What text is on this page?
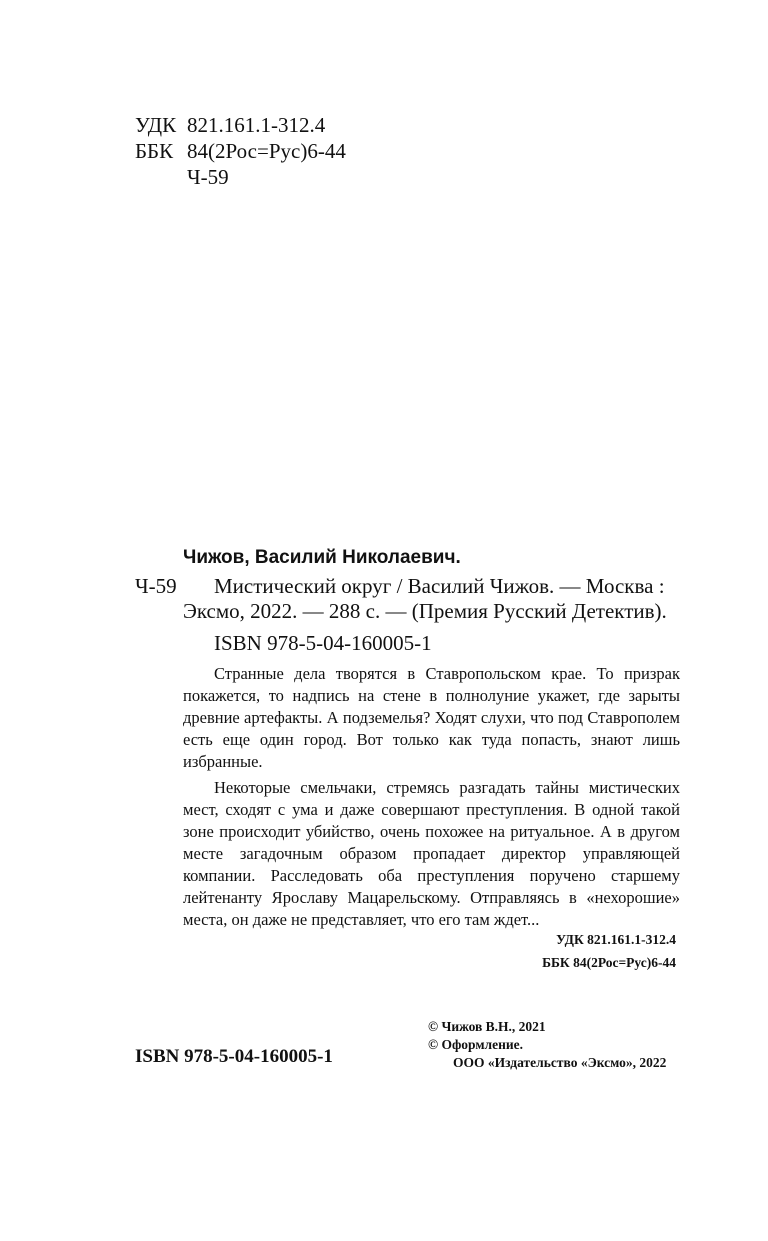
УДК 821.161.1-312.4
ББК 84(2Рос=Рус)6-44
Ч-59
Чижов, Василий Николаевич.
Ч-59 Мистический округ / Василий Чижов. — Москва :
Эксмо, 2022. — 288 с. — (Премия Русский Детектив).
ISBN 978-5-04-160005-1

Странные дела творятся в Ставропольском крае. То призрак покажется, то надпись на стене в полнолуние укажет, где зарыты древние артефакты. А подземелья? Ходят слухи, что под Ставрополем есть еще один город. Вот только как туда попасть, знают лишь избранные.

Некоторые смельчаки, стремясь разгадать тайны мистических мест, сходят с ума и даже совершают преступления. В одной такой зоне происходит убийство, очень похожее на ритуальное. А в другом месте загадочным образом пропадает директор управляющей компании. Расследовать оба преступления поручено старшему лейтенанту Ярославу Мацарельскому. Отправляясь в «нехорошие» места, он даже не представляет, что его там ждет...

УДК 821.161.1-312.4
ББК 84(2Рос=Рус)6-44
© Чижов В.Н., 2021
© Оформление.
ООО «Издательство «Эксмо», 2022
ISBN 978-5-04-160005-1
